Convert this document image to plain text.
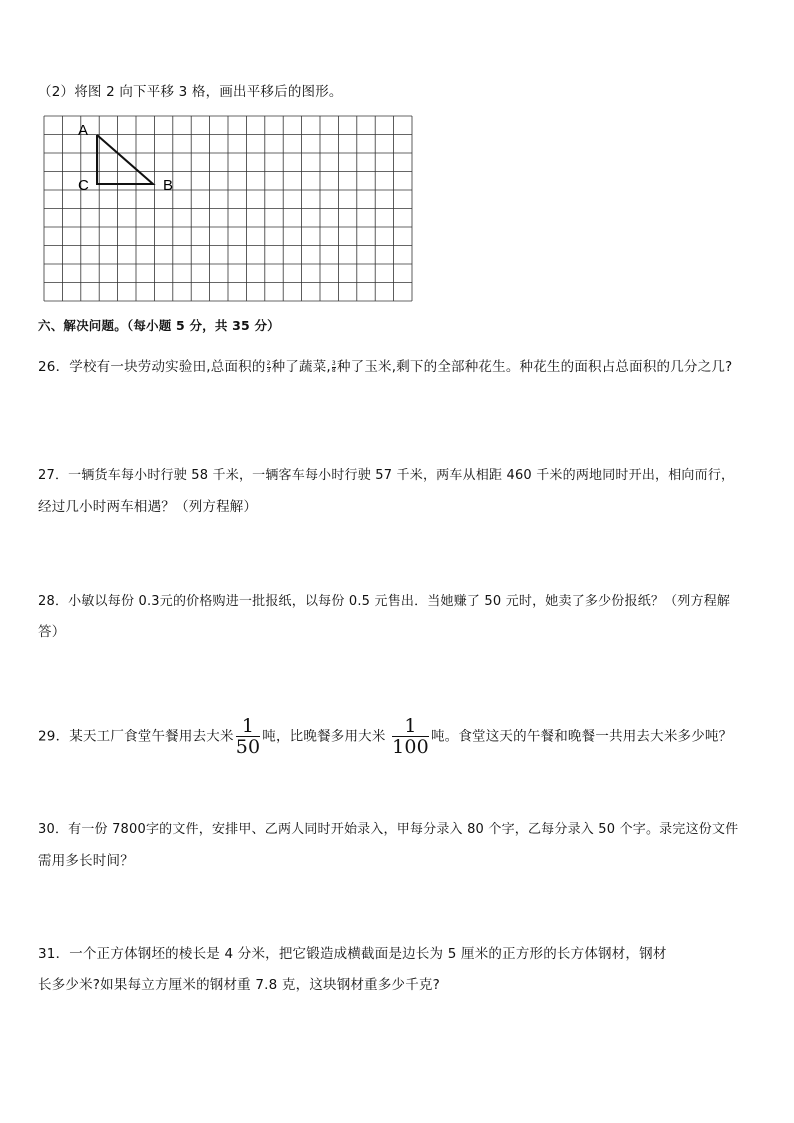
（2）将图 2 向下平移 3 格，画出平移后的图形。
A
C	B
六、解决问题。（每小题 5 分，共 35 分）
26．学校有一块劳动实验田,总面积的 $\frac{2}{3}$ 种了蔬菜, $\frac{3}{8}$ 种了玉米,剩下的全部种花生。种花生的面积占总面积的几分之几?
27．一辆货车每小时行驶 58 千米，一辆客车每小时行驶 57 千米，两车从相距 460 千米的两地同时开出，相向而行，
经过几小时两车相遇？（列方程解）
28．小敏以每份 0.3元的价格购进一批报纸，以每份 0.5 元售出．当她赚了 50 元时，她卖了多少份报纸？（列方程解
答）
29．某天工厂食堂午餐用去大米 $\frac{1}{50}$ 吨，比晚餐多用大米 $\frac{1}{100}$ 吨。食堂这天的午餐和晚餐一共用去大米多少吨？
30．有一份 7800字的文件，安排甲、乙两人同时开始录入，甲每分录入 80 个字，乙每分录入 50 个字。录完这份文件
需用多长时间？
31．一个正方体钢坯的棱长是 4 分米，把它锻造成横截面是边长为 5 厘米的正方形的长方体钢材，钢材
长多少米?如果每立方厘米的钢材重 7.8 克，这块钢材重多少千克?
